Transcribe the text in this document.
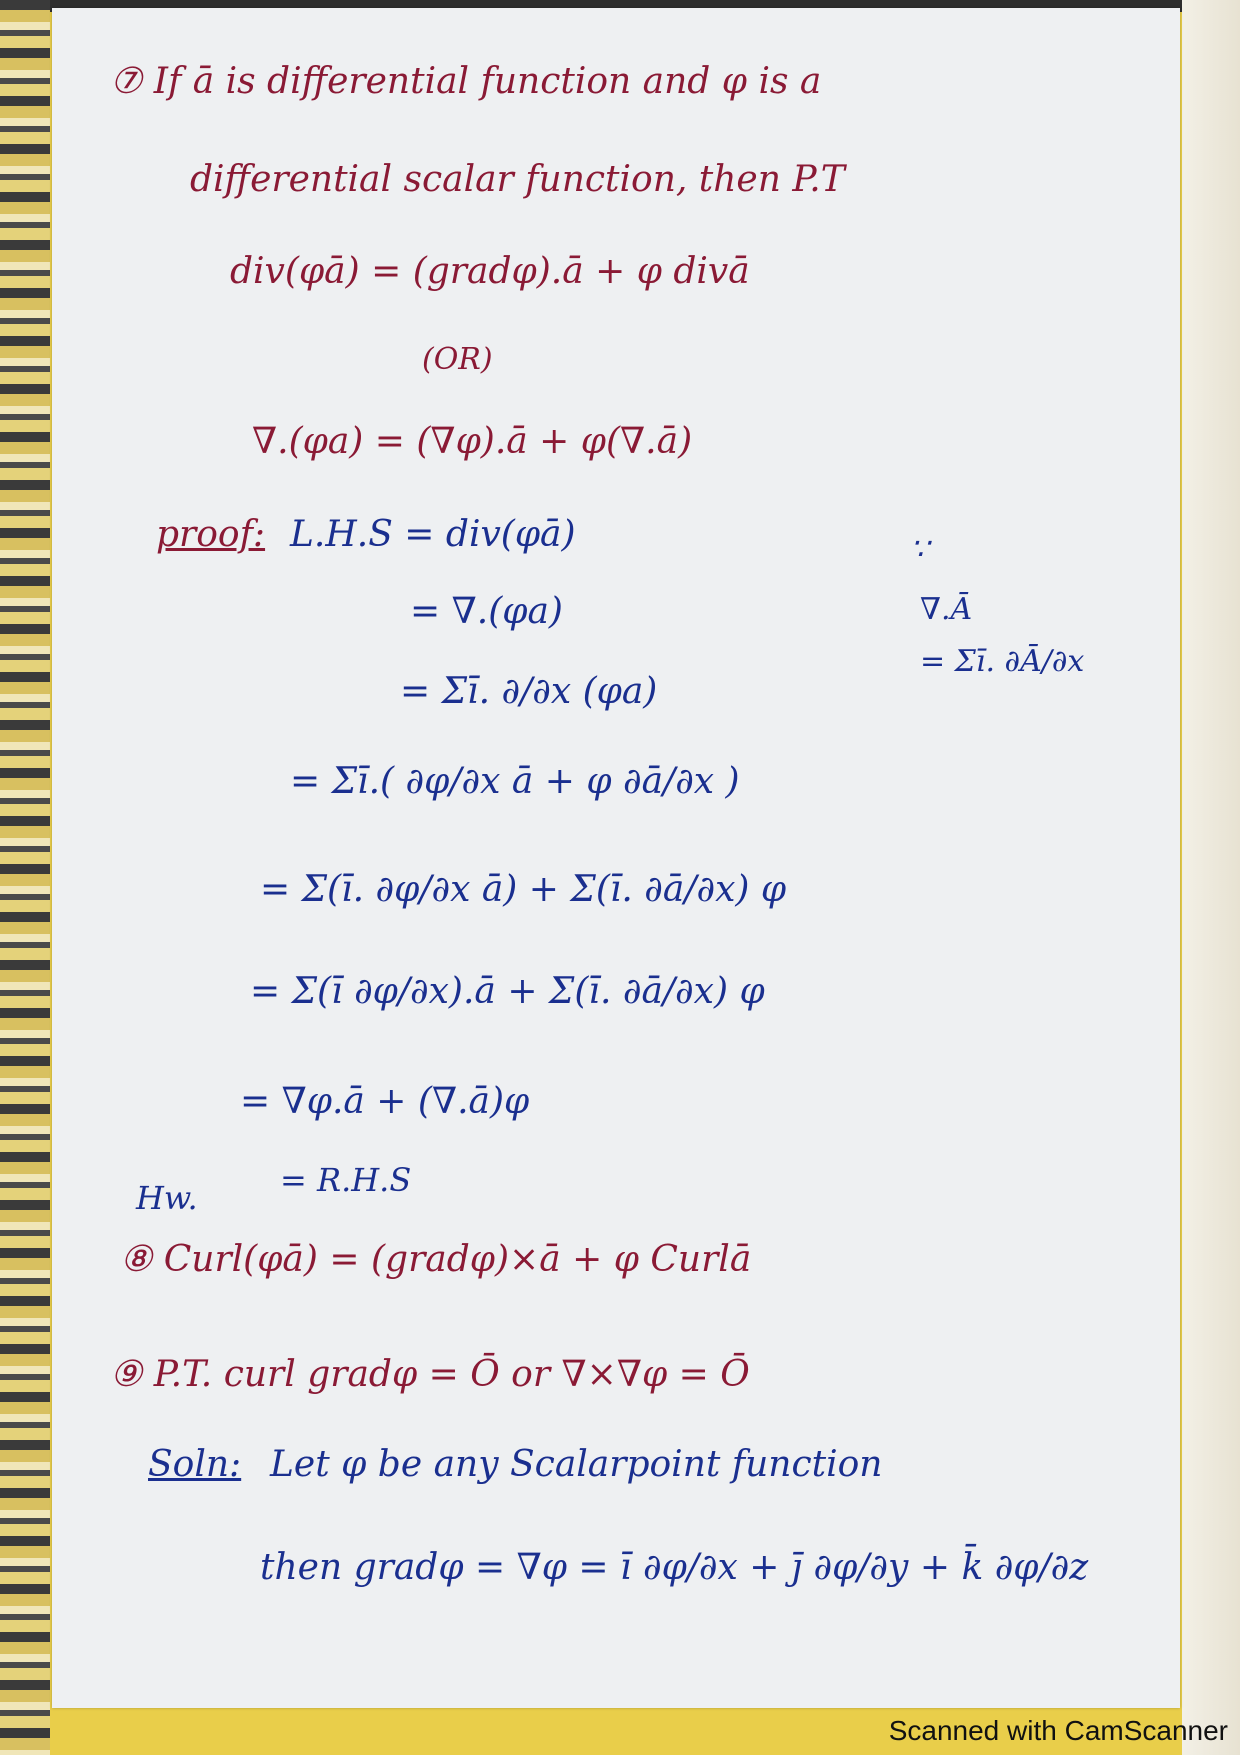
⑦ If ā is differential function and φ is a
differential scalar function, then P.T
div(φā) = (gradφ).ā + φ divā
(OR)
∇.(φa) = (∇φ).ā + φ(∇.ā)
proof: L.H.S = div(φā)
= ∇.(φa)
= Σī. ∂/∂x (φa)
= Σī.( ∂φ/∂x ā + φ ∂ā/∂x )
= Σ(ī. ∂φ/∂x ā) + Σ(ī. ∂ā/∂x) φ
= Σ(ī ∂φ/∂x).ā + Σ(ī. ∂ā/∂x) φ
= ∇φ.ā + (∇.ā)φ
= R.H.S
∵
∇.Ā
= Σī. ∂Ā/∂x
Hw.
⑧ Curl(φā) = (gradφ)×ā + φ Curlā
⑨ P.T. curl gradφ = Ō or ∇×∇φ = Ō
Soln: Let φ be any Scalarpoint function
then gradφ = ∇φ = ī ∂φ/∂x + j̄ ∂φ/∂y + k̄ ∂φ/∂z
Scanned with CamScanner
